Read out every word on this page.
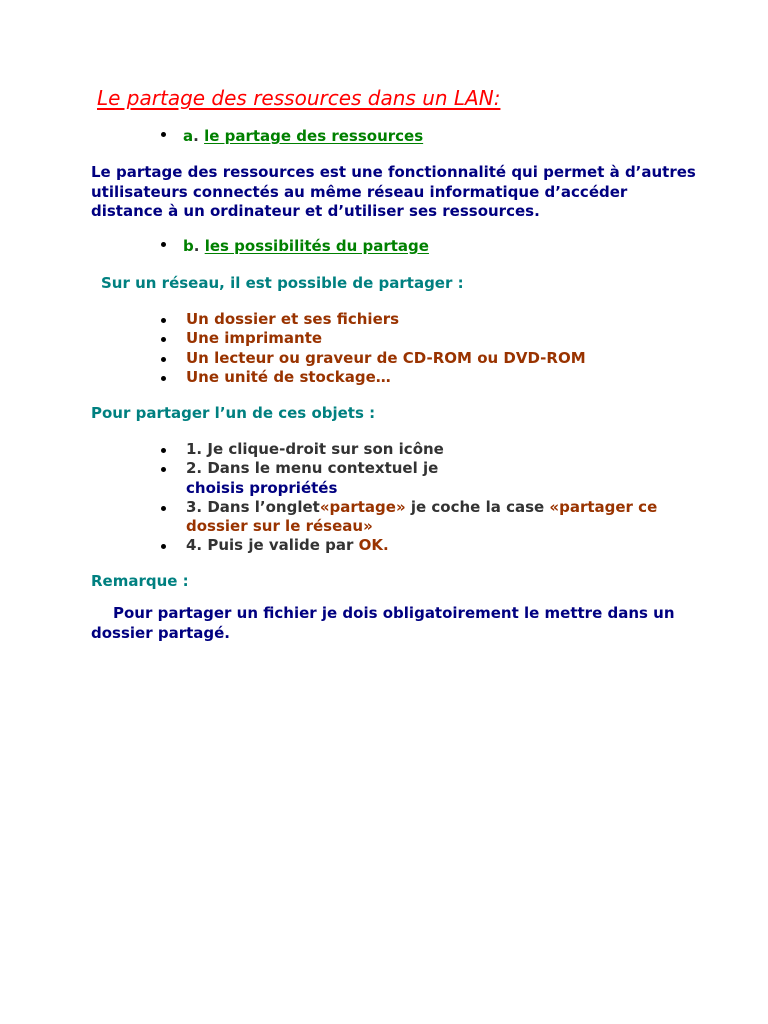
Le partage des ressources dans un LAN:
a. le partage des ressources
Le partage des ressources est une fonctionnalité qui permet à d’autres
utilisateurs connectés au même réseau informatique d’accéder
distance à un ordinateur et d’utiliser ses ressources.
b. les possibilités du partage

Sur un réseau, il est possible de partager :

Un dossier et ses fichiers
Une imprimante
Un lecteur ou graveur de CD-ROM ou DVD-ROM
Une unité de stockage…

Pour partager l’un de ces objets :

1. Je clique-droit sur son icône
2. Dans le menu contextuel je
choisis propriétés
3. Dans l’onglet«partage» je coche la case «partager ce
dossier sur le réseau»
4. Puis je valide par OK.

Remarque :

Pour partager un fichier je dois obligatoirement le mettre dans un
dossier partagé.
